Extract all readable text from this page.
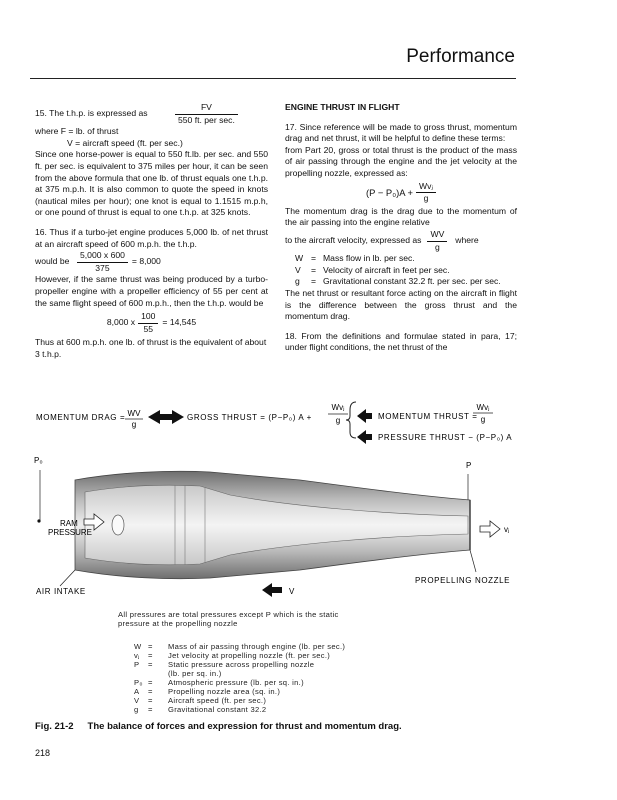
Performance
15. The t.h.p. is expressed as	$\frac{FV}{\text{550 ft. per sec.}}$

where F = lb. of thrust

V = aircraft speed (ft. per sec.)

Since one horse-power is equal to 550 ft.lb. per sec. and 550 ft. per sec. is equivalent to 375 miles per hour, it can be seen from the above formula that one lb. of thrust equals one t.h.p. at 375 m.p.h. It is also common to quote the speed in knots (nautical miles per hour); one knot is equal to 1.1515 m.p.h, or one pound of thrust is equal to one t.h.p. at 325 knots.

16. Thus if a turbo-jet engine produces 5,000 lb. of net thrust at an aircraft speed of 600 m.p.h. the t.h.p.

would be $\frac{5,000 x 600}{375} = 8,000$

However, if the same thrust was being produced by a turbo-propeller engine with a propeller efficiency of 55 per cent at the same flight speed of 600 m.p.h., then the t.h.p. would be

8,000 x $\frac{100}{55} = 14,545$

Thus at 600 m.p.h. one lb. of thrust is the equivalent of about 3 t.h.p.

ENGINE THRUST IN FLIGHT

17. Since reference will be made to gross thrust, momentum drag and net thrust, it will be helpful to define these terms:

from Part 20, gross or total thrust is the product of the mass of air passing through the engine and the jet velocity at the propelling nozzle, expressed as:

$(P - P_0)A + \frac{\text{Wvⱼ}}{g}$

The momentum drag is the drag due to the momentum of the air passing into the engine relative

to the aircraft velocity, expressed as $\frac{WV}{g}$ where
W = Mass flow in lb. per sec.
V	= Velocity of aircraft in feet per sec.
g	= Gravitational constant 32.2 ft. per sec. per sec.

The net thrust or resultant force acting on the aircraft in flight is the difference between the gross thrust and the momentum drag.

18. From the definitions and formulae stated in para, 17; under flight conditions, the net thrust of the

MOMENTUM DRAG = WV
g
GROSS THRUST = (P−P₀) A +
Wvⱼ
g	MOMENTUM THRUST =
Wvⱼ
g
PRESSURE THRUST − (P−P₀) A
P₀
P
RAM
PRESSURE	vⱼ
AIR INTAKE	V
PROPELLING NOZZLE
All pressures are total pressures except P which is the static
pressure at the propelling nozzle
W =	Mass of air passing through engine (lb. per sec.)
vⱼ	=	Jet velocity at propelling nozzle (ft. per sec.)
P	=	Static pressure across propelling nozzle
(lb. per sq. in.)
P₀ =	Atmospheric pressure (lb. per sq. in.)
A	=	Propelling nozzle area (sq. in.)
V	=	Aircraft speed (ft. per sec.)
g	=	Gravitational constant 32.2
Fig. 21-2 The balance of forces and expression for thrust and momentum drag.
218
